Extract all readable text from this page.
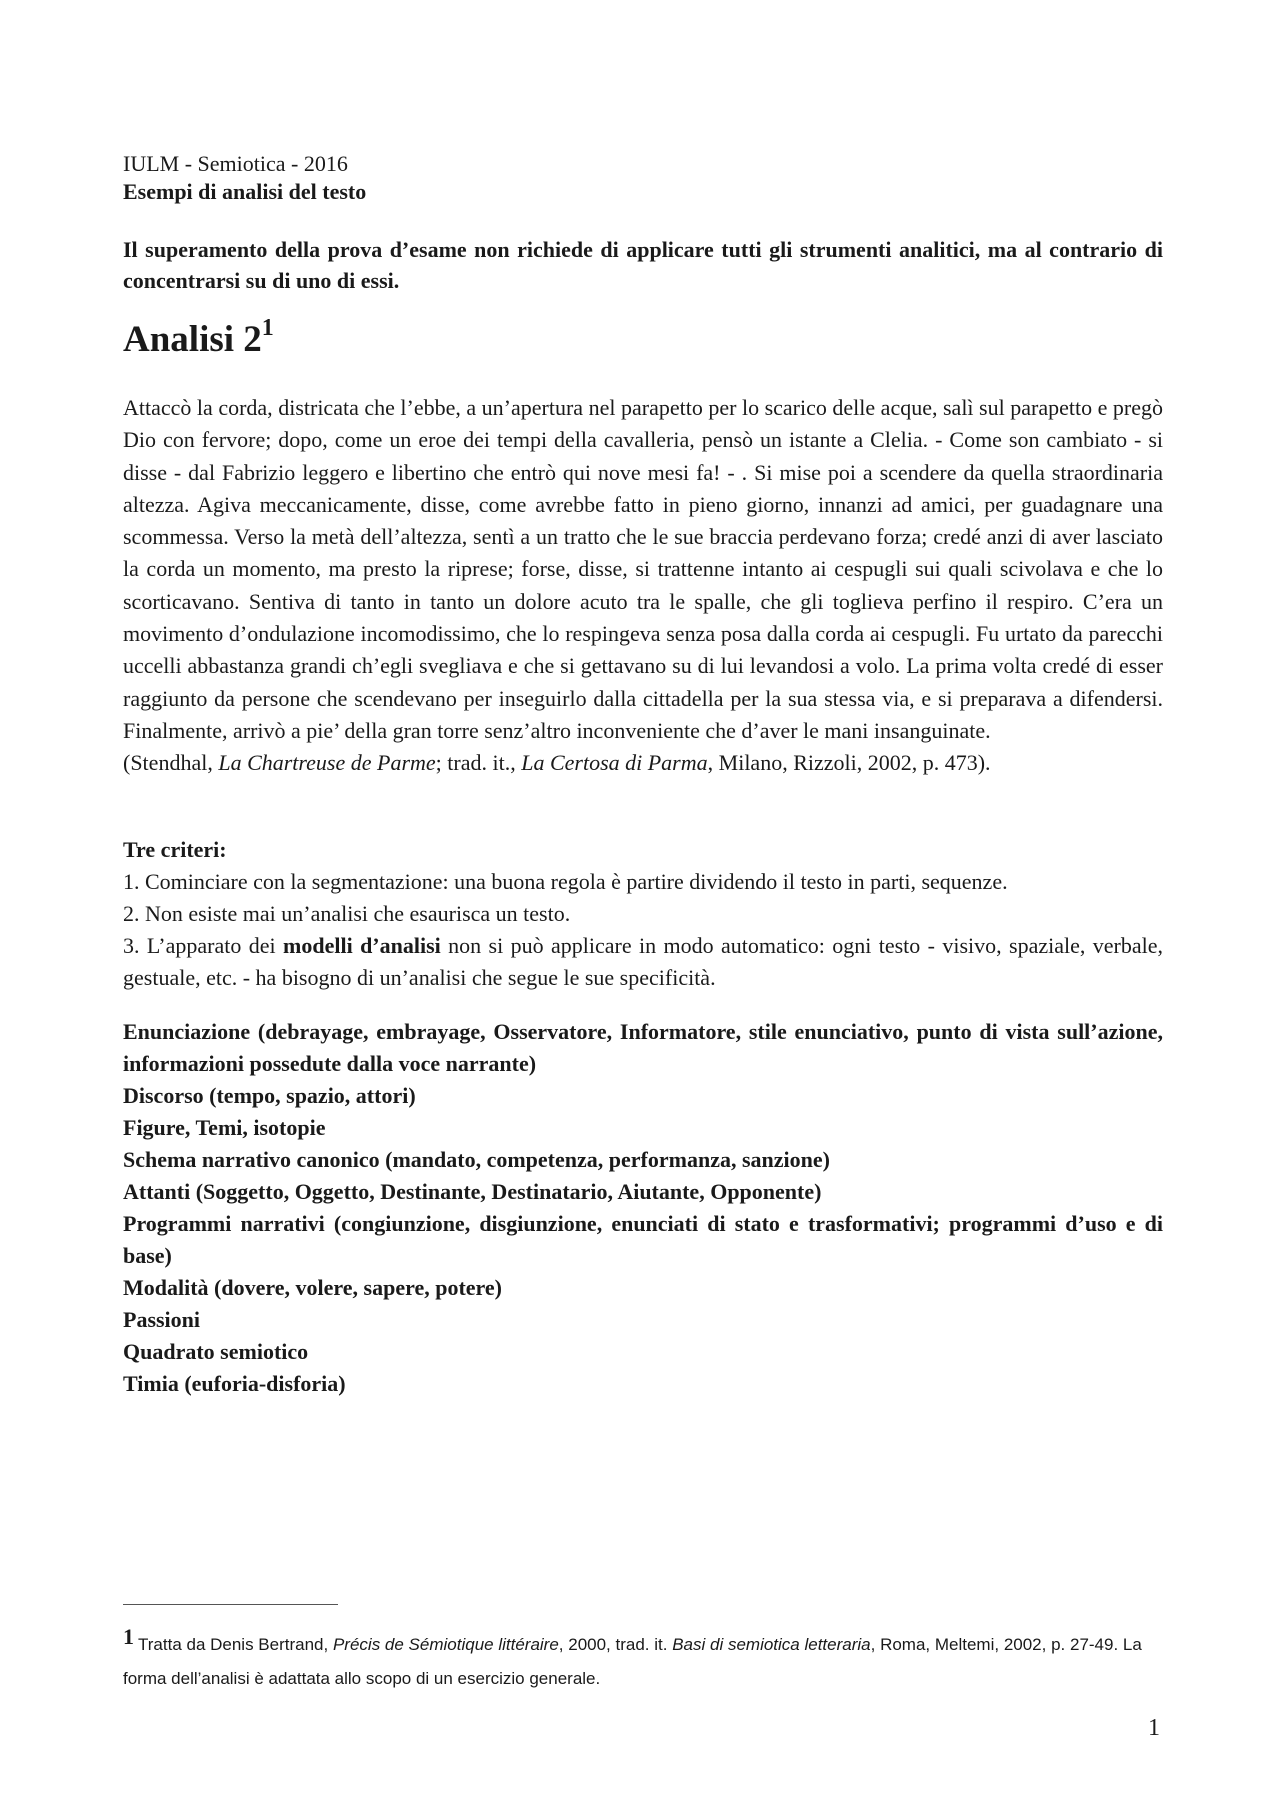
IULM - Semiotica - 2016

Esempi di analisi del testo

Il superamento della prova d’esame non richiede di applicare tutti gli strumenti analitici, ma al contrario di concentrarsi su di uno di essi.

Analisi $2^1$

Attaccò la corda, districata che l’ebbe, a un’apertura nel parapetto per lo scarico delle acque, salì sul parapetto e pregò Dio con fervore; dopo, come un eroe dei tempi della cavalleria, pensò un istante a Clelia. - Come son cambiato - si disse - dal Fabrizio leggero e libertino che entrò qui nove mesi fa! - . Si mise poi a scendere da quella straordinaria altezza. Agiva meccanicamente, disse, come avrebbe fatto in pieno giorno, innanzi ad amici, per guadagnare una scommessa. Verso la metà dell’altezza, sentì a un tratto che le sue braccia perdevano forza; credé anzi di aver lasciato la corda un momento, ma presto la riprese; forse, disse, si trattenne intanto ai cespugli sui quali scivolava e che lo scorticavano. Sentiva di tanto in tanto un dolore acuto tra le spalle, che gli toglieva perfino il respiro. C’era un movimento d’ondulazione incomodissimo, che lo respingeva senza posa dalla corda ai cespugli. Fu urtato da parecchi uccelli abbastanza grandi ch’egli svegliava e che si gettavano su di lui levandosi a volo. La prima volta credé di esser raggiunto da persone che scendevano per inseguirlo dalla cittadella per la sua stessa via, e si preparava a difendersi. Finalmente, arrivò a pie’ della gran torre senz’altro inconveniente che d’aver le mani insanguinate.
(Stendhal, La Chartreuse de Parme; trad. it., La Certosa di Parma, Milano, Rizzoli, 2002, p. 473).

Tre criteri:

1. Cominciare con la segmentazione: una buona regola è partire dividendo il testo in parti, sequenze.

2. Non esiste mai un’analisi che esaurisca un testo.

3. L’apparato dei modelli d’analisi non si può applicare in modo automatico: ogni testo - visivo, spaziale, verbale, gestuale, etc. - ha bisogno di un’analisi che segue le sue specificità.

Enunciazione (debrayage, embrayage, Osservatore, Informatore, stile enunciativo, punto di vista sull’azione, informazioni possedute dalla voce narrante)

Discorso (tempo, spazio, attori)

Figure, Temi, isotopie

Schema narrativo canonico (mandato, competenza, performanza, sanzione)

Attanti (Soggetto, Oggetto, Destinante, Destinatario, Aiutante, Opponente)

Programmi narrativi (congiunzione, disgiunzione, enunciati di stato e trasformativi; programmi d’uso e di base)

Modalità (dovere, volere, sapere, potere)

Passioni

Quadrato semiotico

Timia (euforia-disforia)

1 Tratta da Denis Bertrand, Précis de Sémiotique littéraire, 2000, trad. it. Basi di semiotica letteraria, Roma, Meltemi, 2002, p. 27-49. La forma dell’analisi è adattata allo scopo di un esercizio generale.
1
